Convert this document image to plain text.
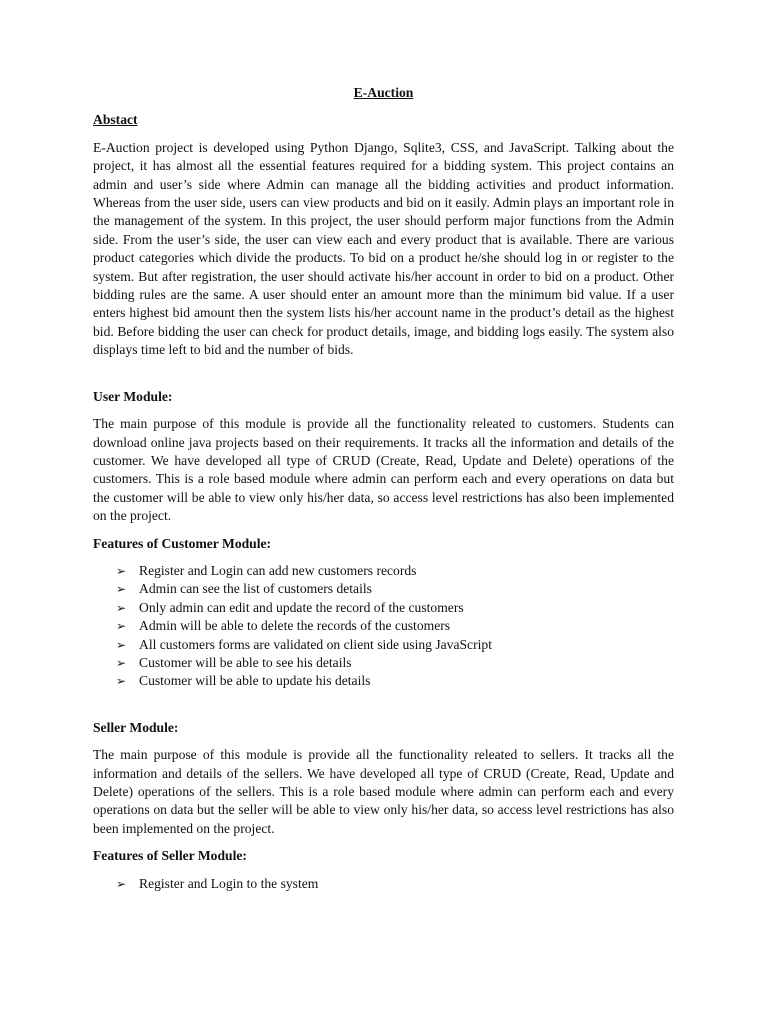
E-Auction

Abstact

E-Auction project is developed using Python Django, Sqlite3, CSS, and JavaScript. Talking about the project, it has almost all the essential features required for a bidding system. This project contains an admin and user’s side where Admin can manage all the bidding activities and product information. Whereas from the user side, users can view products and bid on it easily. Admin plays an important role in the management of the system. In this project, the user should perform major functions from the Admin side. From the user’s side, the user can view each and every product that is available. There are various product categories which divide the products. To bid on a product he/she should log in or register to the system. But after registration, the user should activate his/her account in order to bid on a product. Other bidding rules are the same. A user should enter an amount more than the minimum bid value. If a user enters highest bid amount then the system lists his/her account name in the product’s detail as the highest bid. Before bidding the user can check for product details, image, and bidding logs easily. The system also displays time left to bid and the number of bids.

User Module:

The main purpose of this module is provide all the functionality releated to customers. Students can download online java projects based on their requirements. It tracks all the information and details of the customer. We have developed all type of CRUD (Create, Read, Update and Delete) operations of the customers. This is a role based module where admin can perform each and every operations on data but the customer will be able to view only his/her data, so access level restrictions has also been implemented on the project.

Features of Customer Module:

➢ Register and Login can add new customers records
➢ Admin can see the list of customers details
➢ Only admin can edit and update the record of the customers
➢ Admin will be able to delete the records of the customers
➢ All customers forms are validated on client side using JavaScript
➢ Customer will be able to see his details
➢ Customer will be able to update his details

Seller Module:

The main purpose of this module is provide all the functionality releated to sellers. It tracks all the information and details of the sellers. We have developed all type of CRUD (Create, Read, Update and Delete) operations of the sellers. This is a role based module where admin can perform each and every operations on data but the seller will be able to view only his/her data, so access level restrictions has also been implemented on the project.

Features of Seller Module:

➢ Register and Login to the system
